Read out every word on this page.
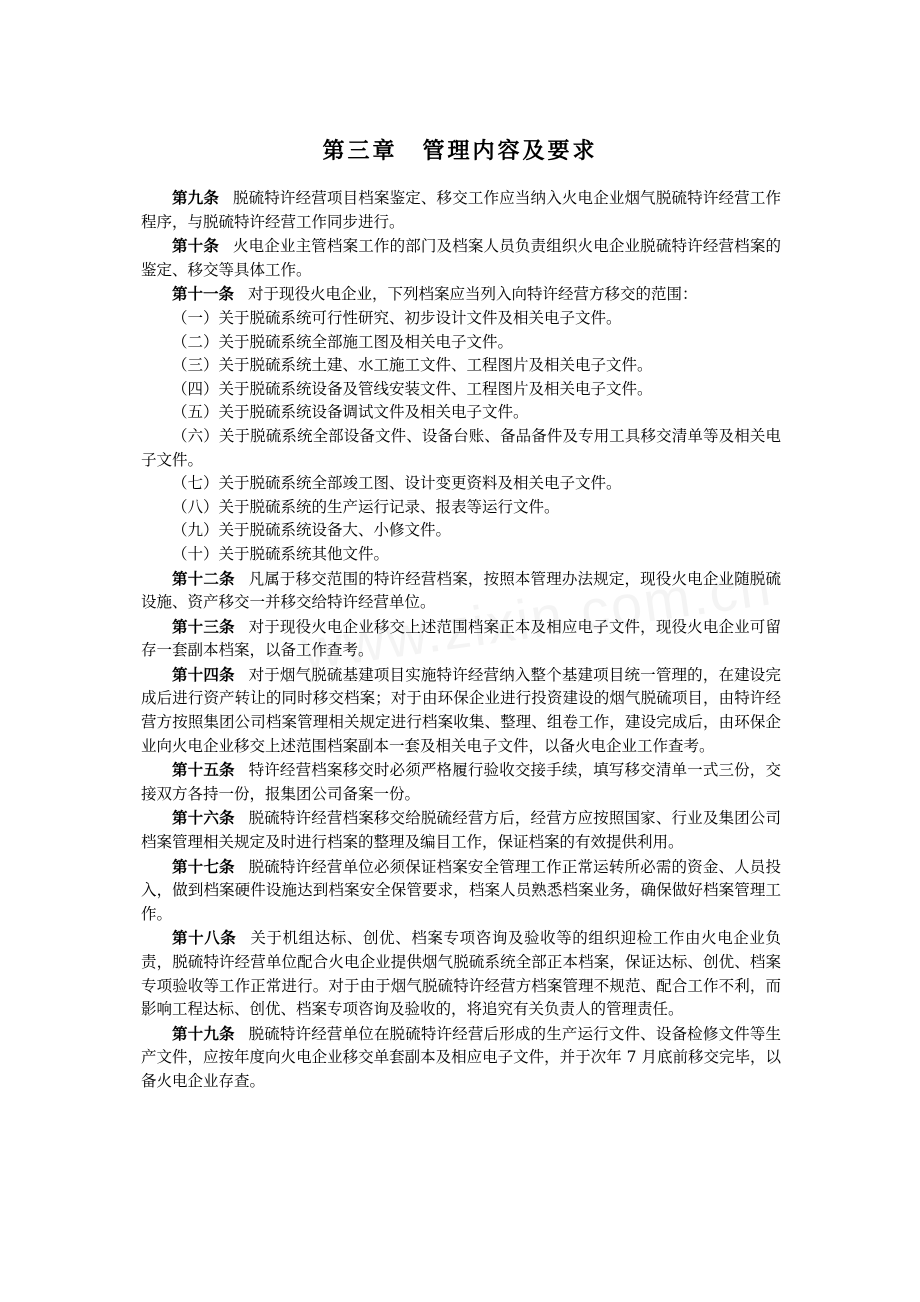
第三章　管理内容及要求

第九条 脱硫特许经营项目档案鉴定、移交工作应当纳入火电企业烟气脱硫特许经营工作程序，与脱硫特许经营工作同步进行。

第十条 火电企业主管档案工作的部门及档案人员负责组织火电企业脱硫特许经营档案的鉴定、移交等具体工作。

第十一条 对于现役火电企业，下列档案应当列入向特许经营方移交的范围：

（一）关于脱硫系统可行性研究、初步设计文件及相关电子文件。

（二）关于脱硫系统全部施工图及相关电子文件。

（三）关于脱硫系统土建、水工施工文件、工程图片及相关电子文件。

（四）关于脱硫系统设备及管线安装文件、工程图片及相关电子文件。

（五）关于脱硫系统设备调试文件及相关电子文件。

（六）关于脱硫系统全部设备文件、设备台账、备品备件及专用工具移交清单等及相关电子文件。

（七）关于脱硫系统全部竣工图、设计变更资料及相关电子文件。

（八）关于脱硫系统的生产运行记录、报表等运行文件。

（九）关于脱硫系统设备大、小修文件。

（十）关于脱硫系统其他文件。

第十二条 凡属于移交范围的特许经营档案，按照本管理办法规定，现役火电企业随脱硫设施、资产移交一并移交给特许经营单位。

第十三条 对于现役火电企业移交上述范围档案正本及相应电子文件，现役火电企业可留存一套副本档案，以备工作查考。

第十四条 对于烟气脱硫基建项目实施特许经营纳入整个基建项目统一管理的，在建设完成后进行资产转让的同时移交档案；对于由环保企业进行投资建设的烟气脱硫项目，由特许经营方按照集团公司档案管理相关规定进行档案收集、整理、组卷工作，建设完成后，由环保企业向火电企业移交上述范围档案副本一套及相关电子文件，以备火电企业工作查考。

第十五条 特许经营档案移交时必须严格履行验收交接手续，填写移交清单一式三份，交接双方各持一份，报集团公司备案一份。

第十六条 脱硫特许经营档案移交给脱硫经营方后，经营方应按照国家、行业及集团公司档案管理相关规定及时进行档案的整理及编目工作，保证档案的有效提供利用。

第十七条 脱硫特许经营单位必须保证档案安全管理工作正常运转所必需的资金、人员投入，做到档案硬件设施达到档案安全保管要求，档案人员熟悉档案业务，确保做好档案管理工作。

第十八条 关于机组达标、创优、档案专项咨询及验收等的组织迎检工作由火电企业负责，脱硫特许经营单位配合火电企业提供烟气脱硫系统全部正本档案，保证达标、创优、档案专项验收等工作正常进行。对于由于烟气脱硫特许经营方档案管理不规范、配合工作不利，而影响工程达标、创优、档案专项咨询及验收的，将追究有关负责人的管理责任。

第十九条 脱硫特许经营单位在脱硫特许经营后形成的生产运行文件、设备检修文件等生产文件，应按年度向火电企业移交单套副本及相应电子文件，并于次年 7 月底前移交完毕，以备火电企业存查。
